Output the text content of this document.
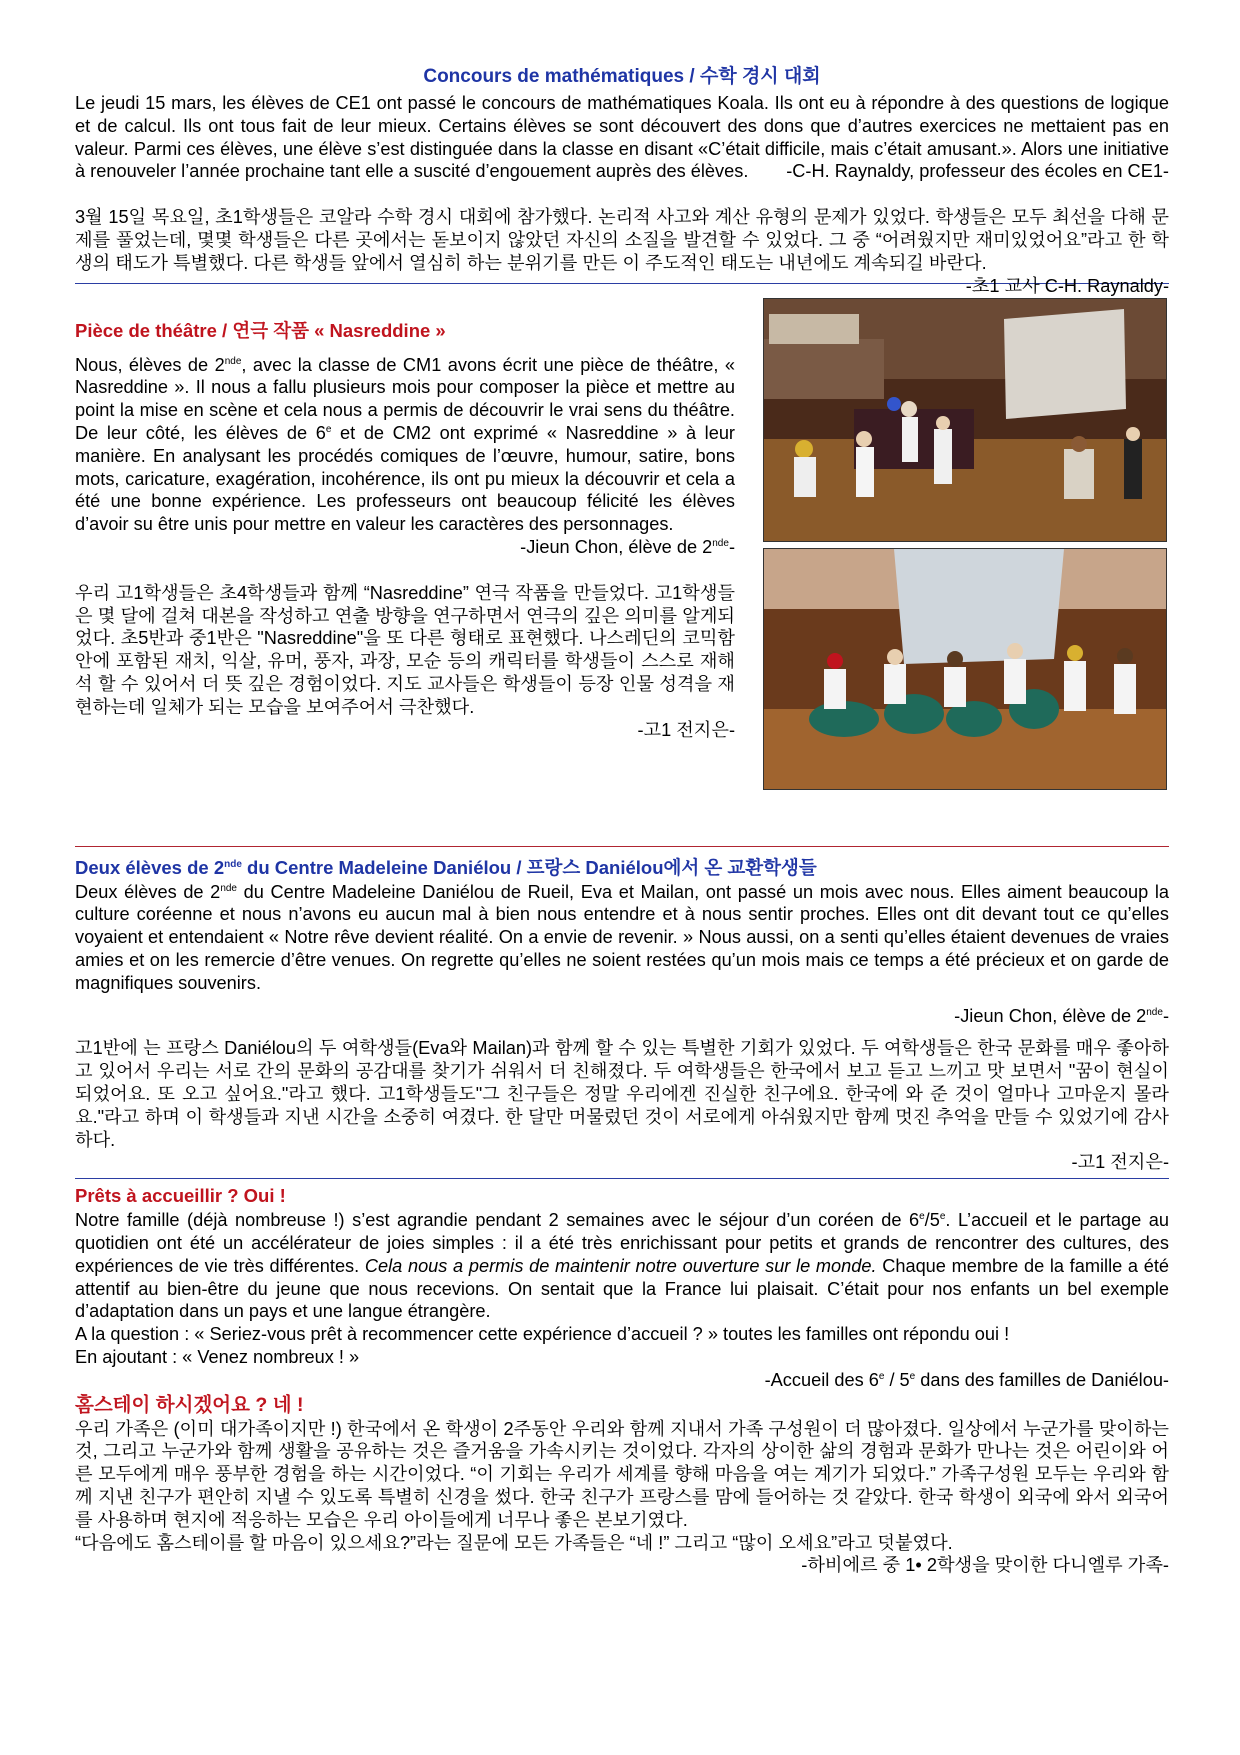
Concours de mathématiques / 수학 경시 대회

Le jeudi 15 mars, les élèves de CE1 ont passé le concours de mathématiques Koala. Ils ont eu à répondre à des questions de logique et de calcul. Ils ont tous fait de leur mieux. Certains élèves se sont découvert des dons que d’autres exercices ne mettaient pas en valeur. Parmi ces élèves, une élève s’est distinguée dans la classe en disant «C’était difficile, mais c’était amusant.». Alors une initiative à renouveler l’année prochaine tant elle a suscité d’engouement auprès des élèves. -C-H. Raynaldy, professeur des écoles en CE1-

3월 15일 목요일, 초1학생들은 코알라 수학 경시 대회에 참가했다. 논리적 사고와 계산 유형의 문제가 있었다. 학생들은 모두 최선을 다해 문제를 풀었는데, 몇몇 학생들은 다른 곳에서는 돋보이지 않았던 자신의 소질을 발견할 수 있었다. 그 중 “어려웠지만 재미있었어요”라고 한 학생의 태도가 특별했다. 다른 학생들 앞에서 열심히 하는 분위기를 만든 이 주도적인 태도는 내년에도 계속되길 바란다.
-초1 교사 C-H. Raynaldy-

Pièce de théâtre / 연극 작품 « Nasreddine »

Nous, élèves de 2nde, avec la classe de CM1 avons écrit une pièce de théâtre, « Nasreddine ». Il nous a fallu plusieurs mois pour composer la pièce et mettre au point la mise en scène et cela nous a permis de découvrir le vrai sens du théâtre. De leur côté, les élèves de 6e et de CM2 ont exprimé « Nasreddine » à leur manière. En analysant les procédés comiques de l’œuvre, humour, satire, bons mots, caricature, exagération, incohérence, ils ont pu mieux la découvrir et cela a été une bonne expérience. Les professeurs ont beaucoup félicité les élèves d’avoir su être unis pour mettre en valeur les caractères des personnages.

-Jieun Chon, élève de 2nde-

우리 고1학생들은 초4학생들과 함께 “Nasreddine” 연극 작품을 만들었다. 고1학생들은 몇 달에 걸쳐 대본을 작성하고 연출 방향을 연구하면서 연극의 깊은 의미를 알게되었다. 초5반과 중1반은 "Nasreddine"을 또 다른 형태로 표현했다. 나스레딘의 코믹함 안에 포함된 재치, 익살, 유머, 풍자, 과장, 모순 등의 캐릭터를 학생들이 스스로 재해석 할 수 있어서 더 뜻 깊은 경험이었다. 지도 교사들은 학생들이 등장 인물 성격을 재현하는데 일체가 되는 모습을 보여주어서 극찬했다.

-고1 전지은-

Deux élèves de 2nde du Centre Madeleine Daniélou / 프랑스 Daniélou에서 온 교환학생들

Deux élèves de 2nde du Centre Madeleine Daniélou de Rueil, Eva et Mailan, ont passé un mois avec nous. Elles aiment beaucoup la culture coréenne et nous n’avons eu aucun mal à bien nous entendre et à nous sentir proches. Elles ont dit devant tout ce qu’elles voyaient et entendaient « Notre rêve devient réalité. On a envie de revenir. » Nous aussi, on a senti qu’elles étaient devenues de vraies amies et on les remercie d’être venues. On regrette qu’elles ne soient restées qu’un mois mais ce temps a été précieux et on garde de magnifiques souvenirs.

-Jieun Chon, élève de 2nde-

고1반에 는 프랑스 Daniélou의 두 여학생들(Eva와 Mailan)과 함께 할 수 있는 특별한 기회가 있었다. 두 여학생들은 한국 문화를 매우 좋아하고 있어서 우리는 서로 간의 문화의 공감대를 찾기가 쉬워서 더 친해졌다. 두 여학생들은 한국에서 보고 듣고 느끼고 맛 보면서 "꿈이 현실이 되었어요. 또 오고 싶어요."라고 했다. 고1학생들도"그 친구들은 정말 우리에겐 진실한 친구에요. 한국에 와 준 것이 얼마나 고마운지 몰라요."라고 하며 이 학생들과 지낸 시간을 소중히 여겼다. 한 달만 머물렀던 것이 서로에게 아쉬웠지만 함께 멋진 추억을 만들 수 있었기에 감사하다.

-고1 전지은-

Prêts à accueillir ? Oui !

Notre famille (déjà nombreuse !) s’est agrandie pendant 2 semaines avec le séjour d’un coréen de 6e/5e. L’accueil et le partage au quotidien ont été un accélérateur de joies simples : il a été très enrichissant pour petits et grands de rencontrer des cultures, des expériences de vie très différentes. Cela nous a permis de maintenir notre ouverture sur le monde. Chaque membre de la famille a été attentif au bien-être du jeune que nous recevions. On sentait que la France lui plaisait. C’était pour nos enfants un bel exemple d’adaptation dans un pays et une langue étrangère.

A la question : « Seriez-vous prêt à recommencer cette expérience d’accueil ? » toutes les familles ont répondu oui !

En ajoutant : « Venez nombreux ! »

-Accueil des 6e / 5e dans des familles de Daniélou-

홈스테이 하시겠어요 ? 네 !

우리 가족은 (이미 대가족이지만 !) 한국에서 온 학생이 2주동안 우리와 함께 지내서 가족 구성원이 더 많아졌다. 일상에서 누군가를 맞이하는 것, 그리고 누군가와 함께 생활을 공유하는 것은 즐거움을 가속시키는 것이었다. 각자의 상이한 삶의 경험과 문화가 만나는 것은 어린이와 어른 모두에게 매우 풍부한 경험을 하는 시간이었다. “이 기회는 우리가 세계를 향해 마음을 여는 계기가 되었다.” 가족구성원 모두는 우리와 함께 지낸 친구가 편안히 지낼 수 있도록 특별히 신경을 썼다. 한국 친구가 프랑스를 맘에 들어하는 것 같았다. 한국 학생이 외국에 와서 외국어를 사용하며 현지에 적응하는 모습은 우리 아이들에게 너무나 좋은 본보기였다.

“다음에도 홈스테이를 할 마음이 있으세요?”라는 질문에 모든 가족들은 “네 !” 그리고 “많이 오세요”라고 덧붙였다.

-하비에르 중 1• 2학생을 맞이한 다니엘루 가족-
